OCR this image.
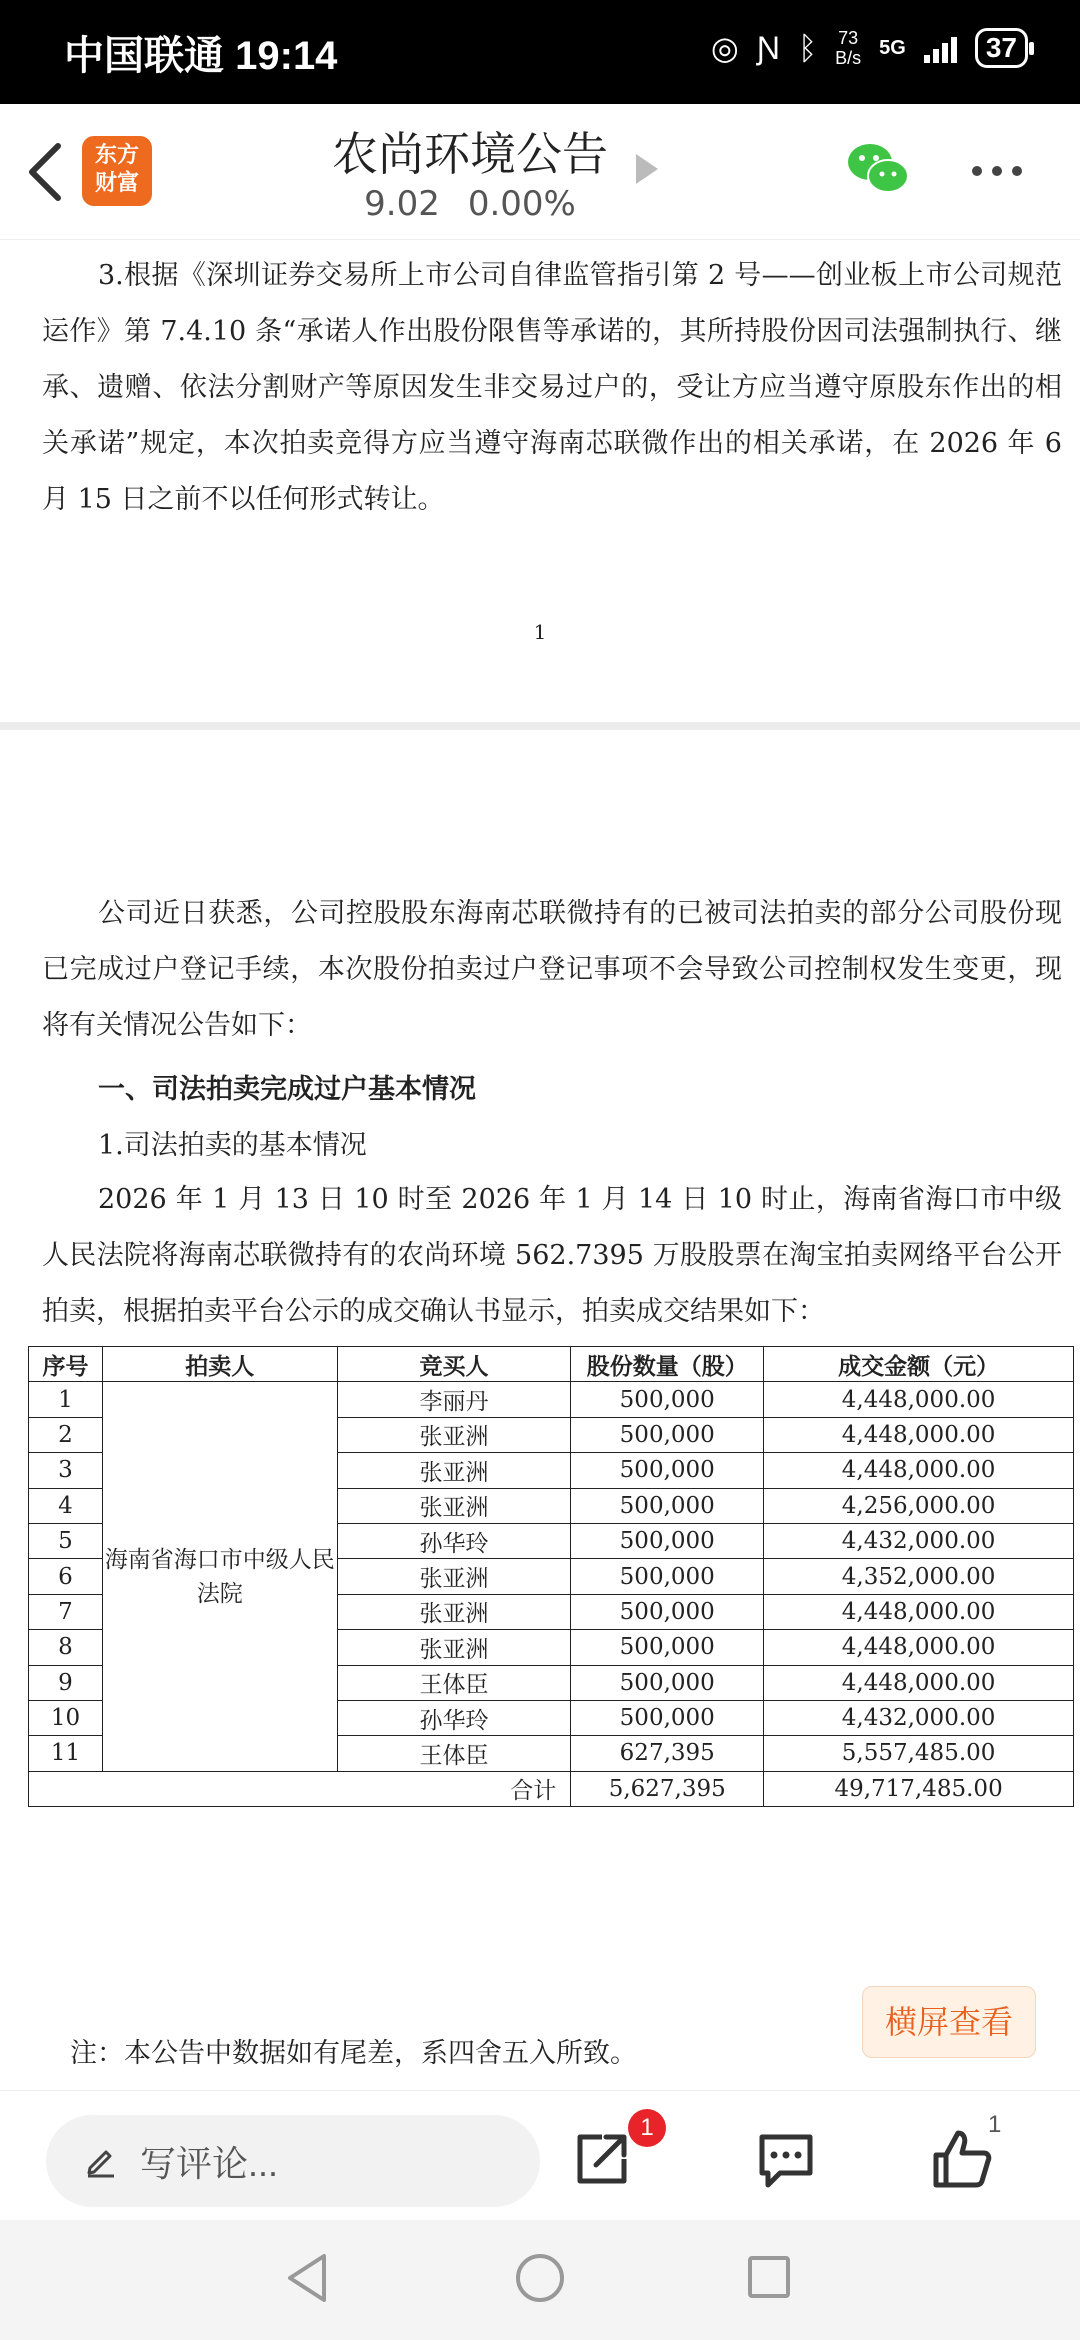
中国联通 19:14	◎ Ɲ ᛒ 73
B/s 5G	37
东方
财富
农尚环境公告
9.02 0.00%
3.根据《深圳证券交易所上市公司自律监管指引第 2 号——创业板上市公司规范运作》第 7.4.10 条“承诺人作出股份限售等承诺的，其所持股份因司法强制执行、继承、遗赠、依法分割财产等原因发生非交易过户的，受让方应当遵守原股东作出的相关承诺”规定，本次拍卖竞得方应当遵守海南芯联微作出的相关承诺，在 2026 年 6 月 15 日之前不以任何形式转让。
1
公司近日获悉，公司控股股东海南芯联微持有的已被司法拍卖的部分公司股份现已完成过户登记手续，本次股份拍卖过户登记事项不会导致公司控制权发生变更，现将有关情况公告如下：
一、司法拍卖完成过户基本情况
1.司法拍卖的基本情况
2026 年 1 月 13 日 10 时至 2026 年 1 月 14 日 10 时止，海南省海口市中级人民法院将海南芯联微持有的农尚环境 562.7395 万股股票在淘宝拍卖网络平台公开拍卖，根据拍卖平台公示的成交确认书显示，拍卖成交结果如下：
序号	拍卖人	竞买人	股份数量（股）	成交金额（元）
1	海南省海口市中级人民法院	李丽丹	500,000	4,448,000.00
2		张亚洲	500,000	4,448,000.00
3		张亚洲	500,000	4,448,000.00
4		张亚洲	500,000	4,256,000.00
5		孙华玲	500,000	4,432,000.00
6		张亚洲	500,000	4,352,000.00
7		张亚洲	500,000	4,448,000.00
8		张亚洲	500,000	4,448,000.00
9		王体臣	500,000	4,448,000.00
10		孙华玲	500,000	4,432,000.00
11		王体臣	627,395	5,557,485.00
合计			5,627,395	49,717,485.00
注：本公告中数据如有尾差，系四舍五入所致。
横屏查看
写评论...
1	1
